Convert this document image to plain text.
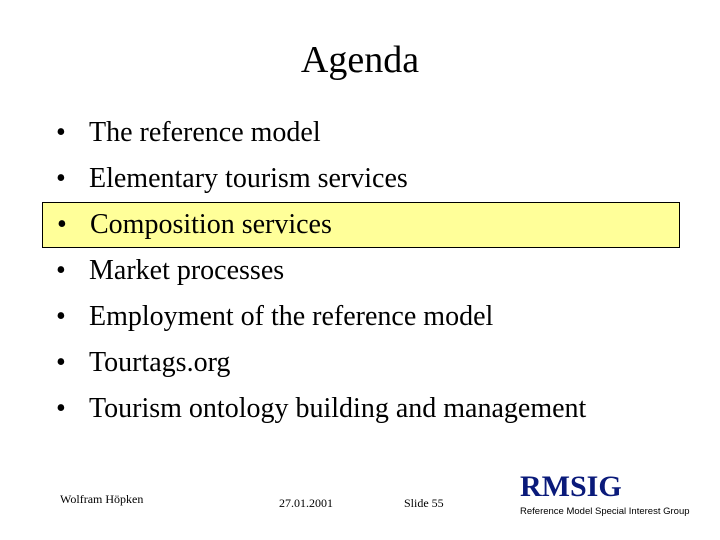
Agenda
• The reference model
• Elementary tourism services
• Composition services
• Market processes
• Employment of the reference model
• Tourtags.org
• Tourism ontology building and management
Wolfram Höpken	27.01.2001	Slide 55	RMSIG
Reference Model Special Interest Group
